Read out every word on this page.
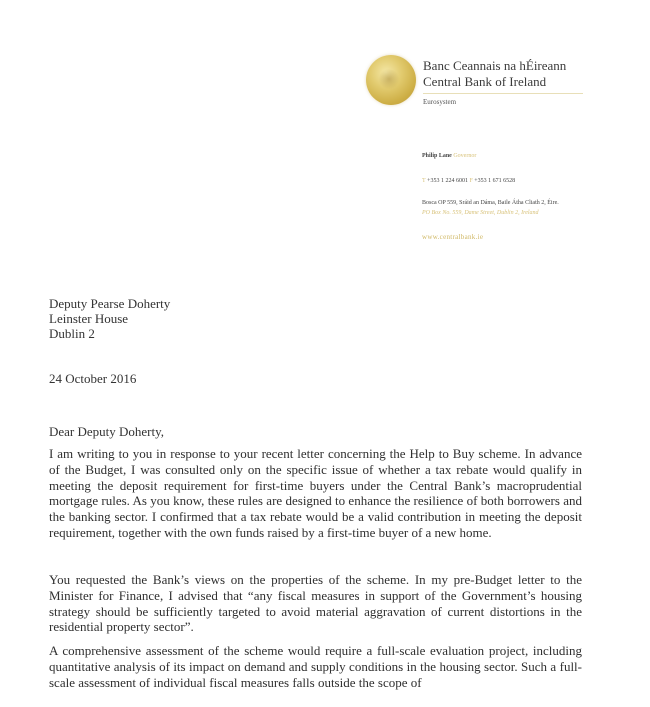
Banc Ceannais na hÉireann
Central Bank of Ireland
Eurosystem
Philip Lane Governor
T +353 1 224 6001 F +353 1 671 6528
Bosca OP 559, Sráid an Dáma, Baile Átha Cliath 2, Éire.
PO Box No. 559, Dame Street, Dublin 2, Ireland
www.centralbank.ie
Deputy Pearse Doherty
Leinster House
Dublin 2
24 October 2016
Dear Deputy Doherty,
I am writing to you in response to your recent letter concerning the Help to Buy scheme. In advance of the Budget, I was consulted only on the specific issue of whether a tax rebate would qualify in meeting the deposit requirement for first-time buyers under the Central Bank’s macroprudential mortgage rules. As you know, these rules are designed to enhance the resilience of both borrowers and the banking sector. I confirmed that a tax rebate would be a valid contribution in meeting the deposit requirement, together with the own funds raised by a first-time buyer of a new home.
You requested the Bank’s views on the properties of the scheme. In my pre-Budget letter to the Minister for Finance, I advised that “any fiscal measures in support of the Government’s housing strategy should be sufficiently targeted to avoid material aggravation of current distortions in the residential property sector”.
A comprehensive assessment of the scheme would require a full-scale evaluation project, including quantitative analysis of its impact on demand and supply conditions in the housing sector. Such a full-scale assessment of individual fiscal measures falls outside the scope of
